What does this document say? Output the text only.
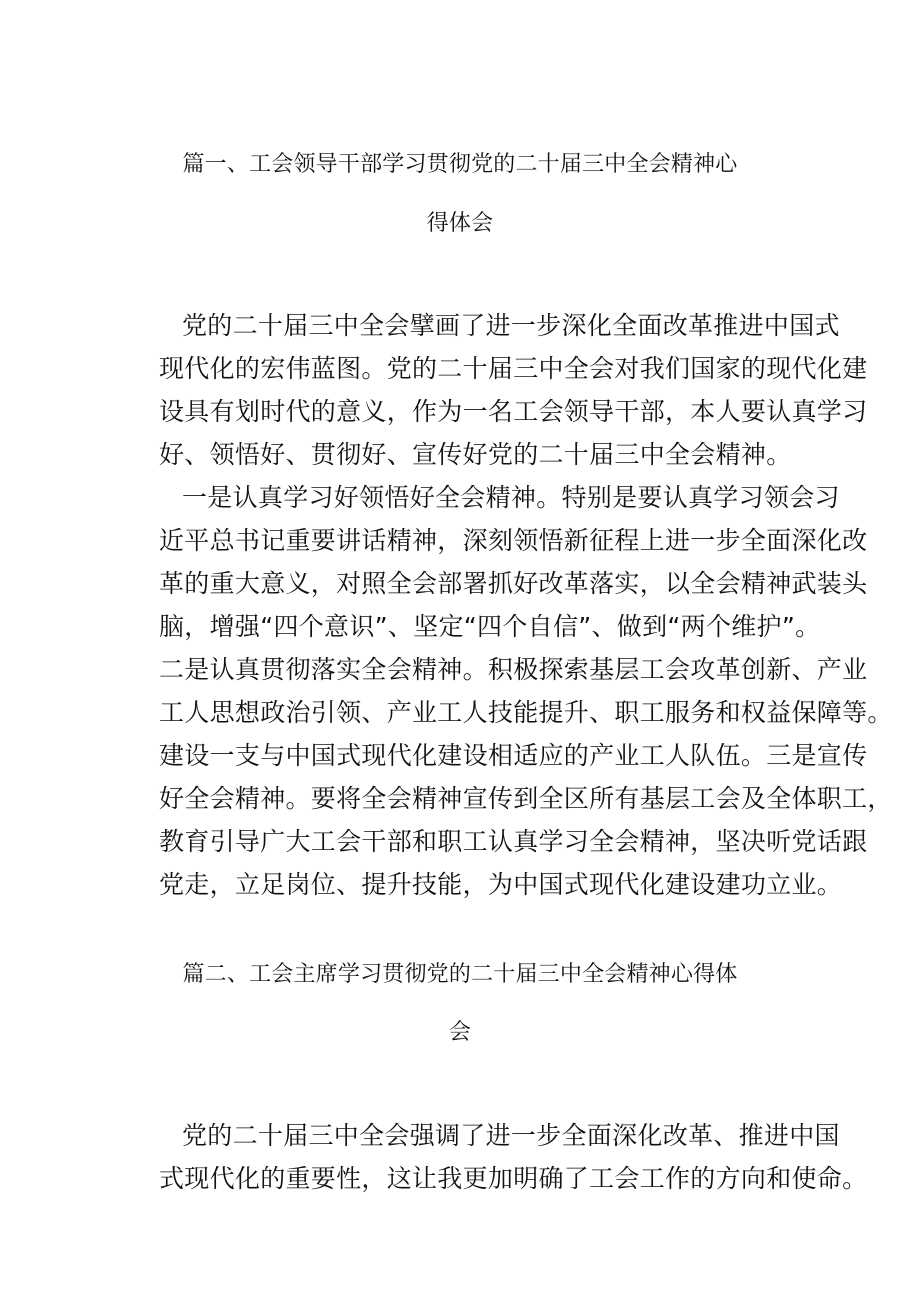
篇一、工会领导干部学习贯彻党的二十届三中全会精神心
得体会
党的二十届三中全会擘画了进一步深化全面改革推进中国式
现代化的宏伟蓝图。党的二十届三中全会对我们国家的现代化建
设具有划时代的意义，作为一名工会领导干部，本人要认真学习
好、领悟好、贯彻好、宣传好党的二十届三中全会精神。
一是认真学习好领悟好全会精神。特别是要认真学习领会习
近平总书记重要讲话精神，深刻领悟新征程上进一步全面深化改
革的重大意义，对照全会部署抓好改革落实，以全会精神武装头
脑，增强“四个意识”、坚定“四个自信”、做到“两个维护”。
二是认真贯彻落实全会精神。积极探索基层工会攻革创新、产业
工人思想政治引领、产业工人技能提升、职工服务和权益保障等。
建设一支与中国式现代化建设相适应的产业工人队伍。三是宣传
好全会精神。要将全会精神宣传到全区所有基层工会及全体职工，
教育引导广大工会干部和职工认真学习全会精神，坚决听党话跟
党走，立足岗位、提升技能，为中国式现代化建设建功立业。
篇二、工会主席学习贯彻党的二十届三中全会精神心得体
会
党的二十届三中全会强调了进一步全面深化改革、推进中国
式现代化的重要性，这让我更加明确了工会工作的方向和使命。
